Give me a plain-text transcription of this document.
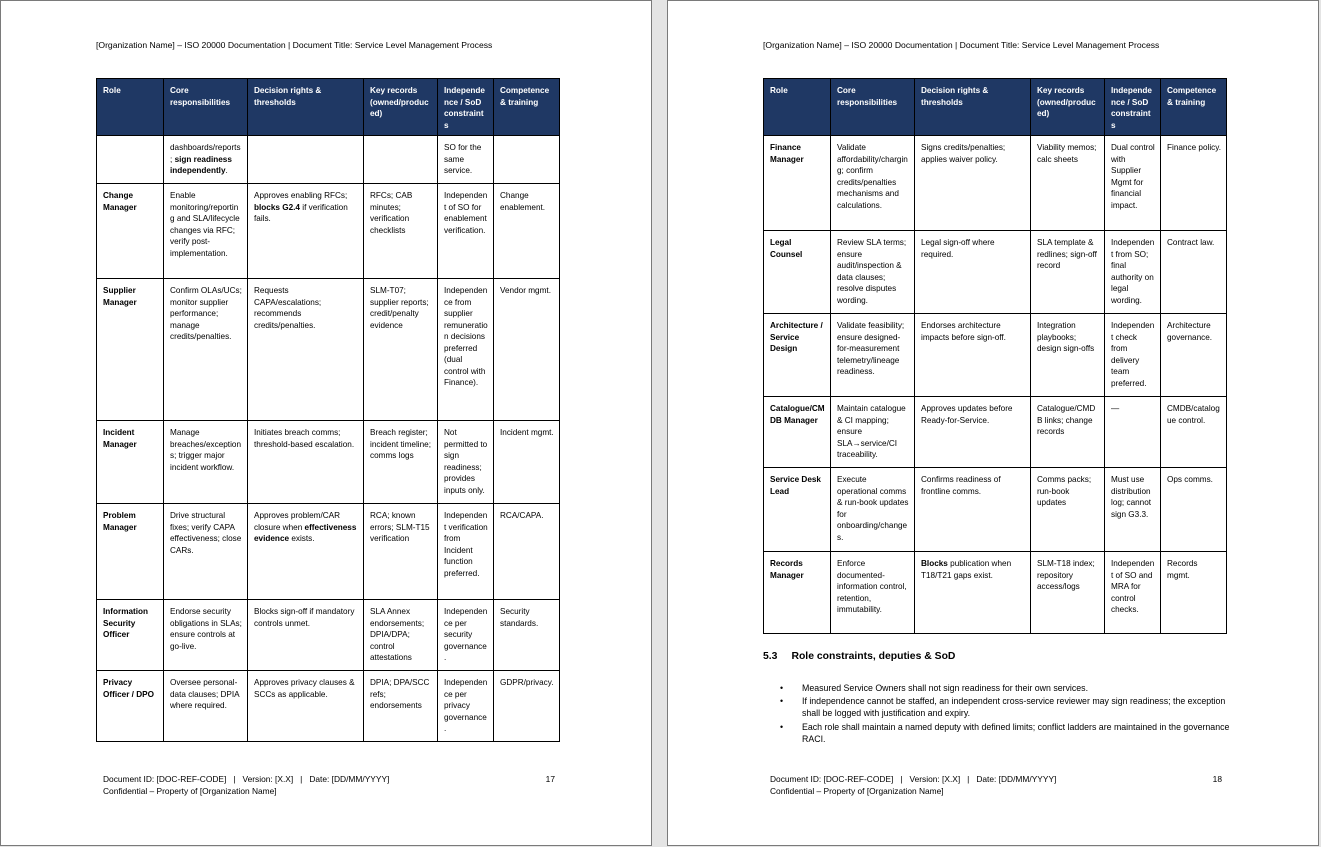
[Organization Name] – ISO 20000 Documentation | Document Title: Service Level Management Process
Role	Core responsibilities	Decision rights & thresholds	Key records (owned/produced)	Independence / SoD constraints	Competence & training
	dashboards/reports; sign readiness independently.			SO for the same service.	
Change Manager	Enable monitoring/reporting and SLA/lifecycle changes via RFC; verify post-implementation.	Approves enabling RFCs; blocks G2.4 if verification fails.	RFCs; CAB minutes; verification checklists	Independent of SO for enablement verification.	Change enablement.
Supplier Manager	Confirm OLAs/UCs; monitor supplier performance; manage credits/penalties.	Requests CAPA/escalations; recommends credits/penalties.	SLM-T07; supplier reports; credit/penalty evidence	Independence from supplier remuneration decisions preferred (dual control with Finance).	Vendor mgmt.
Incident Manager	Manage breaches/exceptions; trigger major incident workflow.	Initiates breach comms; threshold-based escalation.	Breach register; incident timeline; comms logs	Not permitted to sign readiness; provides inputs only.	Incident mgmt.
Problem Manager	Drive structural fixes; verify CAPA effectiveness; close CARs.	Approves problem/CAR closure when effectiveness evidence exists.	RCA; known errors; SLM-T15 verification	Independent verification from Incident function preferred.	RCA/CAPA.
Information Security Officer	Endorse security obligations in SLAs; ensure controls at go-live.	Blocks sign-off if mandatory controls unmet.	SLA Annex endorsements; DPIA/DPA; control attestations	Independence per security governance.	Security standards.
Privacy Officer / DPO	Oversee personal-data clauses; DPIA where required.	Approves privacy clauses & SCCs as applicable.	DPIA; DPA/SCC refs; endorsements	Independence per privacy governance.	GDPR/privacy.
Document ID: [DOC-REF-CODE]   |   Version: [X.X]   |   Date: [DD/MM/YYYY]
Confidential – Property of [Organization Name]
17
[Organization Name] – ISO 20000 Documentation | Document Title: Service Level Management Process
Role	Core responsibilities	Decision rights & thresholds	Key records (owned/produced)	Independence / SoD constraints	Competence & training
Finance Manager	Validate affordability/charging; confirm credits/penalties mechanisms and calculations.	Signs credits/penalties; applies waiver policy.	Viability memos; calc sheets	Dual control with Supplier Mgmt for financial impact.	Finance policy.
Legal Counsel	Review SLA terms; ensure audit/inspection & data clauses; resolve disputes wording.	Legal sign-off where required.	SLA template & redlines; sign-off record	Independent from SO; final authority on legal wording.	Contract law.
Architecture / Service Design	Validate feasibility; ensure designed-for-measurement telemetry/lineage readiness.	Endorses architecture impacts before sign-off.	Integration playbooks; design sign-offs	Independent check from delivery team preferred.	Architecture governance.
Catalogue/CMDB Manager	Maintain catalogue & CI mapping; ensure SLA→service/CI traceability.	Approves updates before Ready-for-Service.	Catalogue/CMDB links; change records	—	CMDB/catalogue control.
Service Desk Lead	Execute operational comms & run-book updates for onboarding/changes.	Confirms readiness of frontline comms.	Comms packs; run-book updates	Must use distribution log; cannot sign G3.3.	Ops comms.
Records Manager	Enforce documented-information control, retention, immutability.	Blocks publication when T18/T21 gaps exist.	SLM-T18 index; repository access/logs	Independent of SO and MRA for control checks.	Records mgmt.
5.3 Role constraints, deputies & SoD
• Measured Service Owners shall not sign readiness for their own services.
• If independence cannot be staffed, an independent cross-service reviewer may sign readiness; the exception shall be logged with justification and expiry.
• Each role shall maintain a named deputy with defined limits; conflict ladders are maintained in the governance RACI.
Document ID: [DOC-REF-CODE]   |   Version: [X.X]   |   Date: [DD/MM/YYYY]
Confidential – Property of [Organization Name]
18
